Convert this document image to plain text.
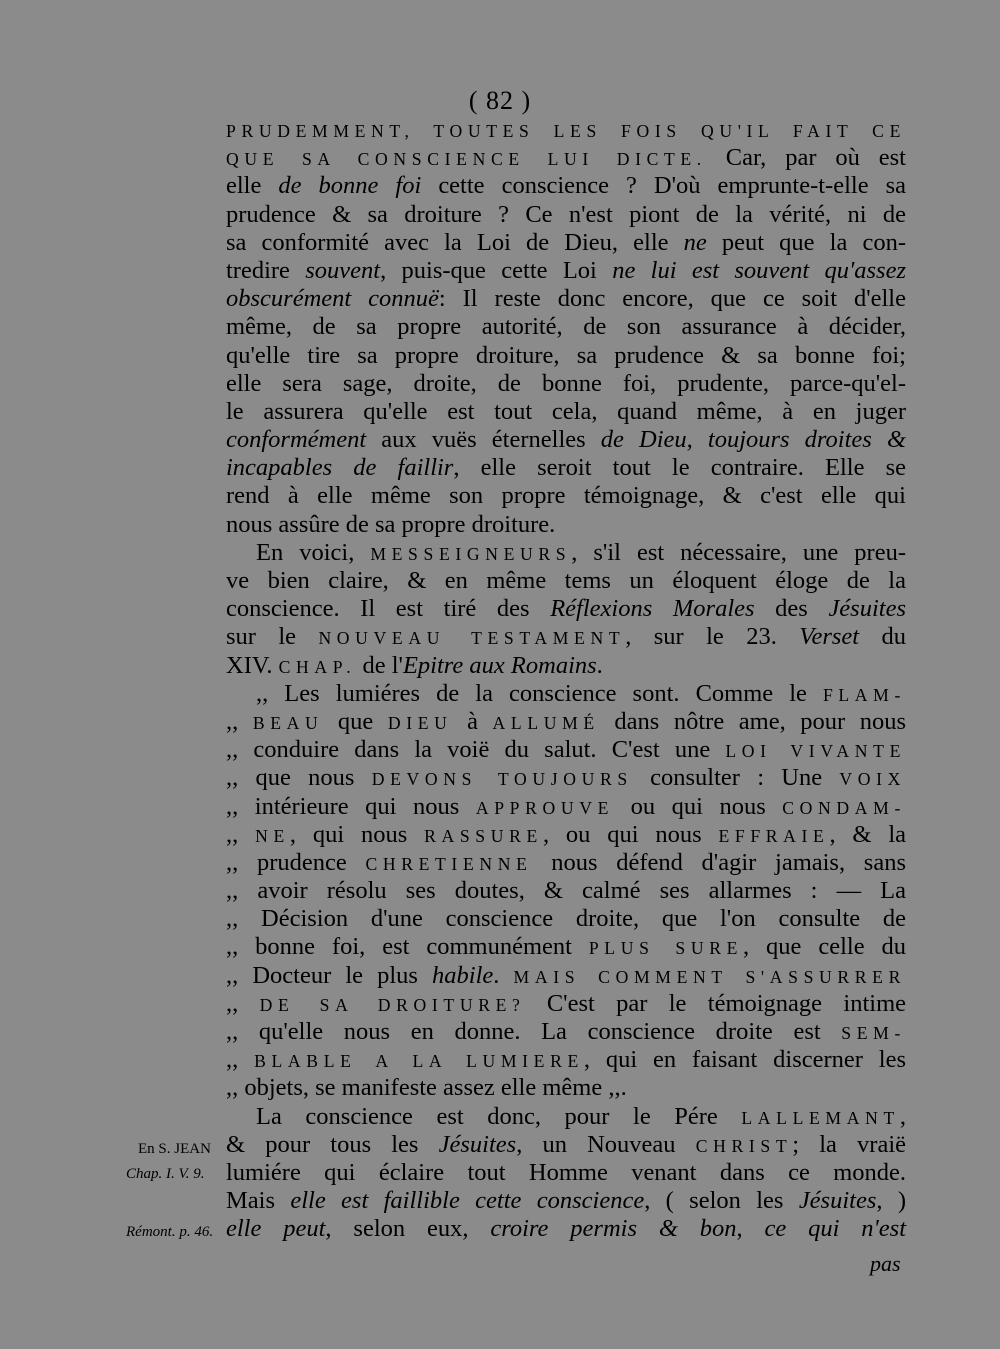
( 82 )
PRUDEMMENT, TOUTES LES FOIS QU'IL FAIT CE
QUE SA CONSCIENCE LUI DICTE. Car, par où est
elle de bonne foi cette conscience ? D'où emprunte-t-elle sa
prudence & sa droiture ? Ce n'est piont de la vérité, ni de
sa conformité avec la Loi de Dieu, elle ne peut que la con-
tredire souvent, puis-que cette Loi ne lui est souvent qu'assez
obscurément connuë: Il reste donc encore, que ce soit d'elle
même, de sa propre autorité, de son assurance à décider,
qu'elle tire sa propre droiture, sa prudence & sa bonne foi;
elle sera sage, droite, de bonne foi, prudente, parce-qu'el-
le assurera qu'elle est tout cela, quand même, à en juger
conformément aux vuës éternelles de Dieu, toujours droites &
incapables de faillir, elle seroit tout le contraire. Elle se
rend à elle même son propre témoignage, & c'est elle qui
nous assûre de sa propre droiture.
En voici, MESSEIGNEURS, s'il est nécessaire, une preu-
ve bien claire, & en même tems un éloquent éloge de la
conscience. Il est tiré des Réflexions Morales des Jésuites
sur le NOUVEAU TESTAMENT, sur le 23. Verset du
XIV. CHAP. de l'Epitre aux Romains.
,, Les lumiéres de la conscience sont. Comme le FLAM-
,, BEAU que DIEU à ALLUMÉ dans nôtre ame, pour nous
,, conduire dans la voië du salut. C'est une LOI VIVANTE
,, que nous DEVONS TOUJOURS consulter : Une VOIX
,, intérieure qui nous APPROUVE ou qui nous CONDAM-
,, NE, qui nous RASSURE, ou qui nous EFFRAIE, & la
,, prudence CHRETIENNE nous défend d'agir jamais, sans
,, avoir résolu ses doutes, & calmé ses allarmes : — La
,, Décision d'une conscience droite, que l'on consulte de
,, bonne foi, est communément PLUS SURE, que celle du
,, Docteur le plus habile. MAIS COMMENT S'ASSURRER
,, DE SA DROITURE? C'est par le témoignage intime
,, qu'elle nous en donne. La conscience droite est SEM-
,, BLABLE A LA LUMIERE, qui en faisant discerner les
,, objets, se manifeste assez elle même ,,.
La conscience est donc, pour le Pére LALLEMANT,
& pour tous les Jésuites, un Nouveau CHRIST; la vraië
lumiére qui éclaire tout Homme venant dans ce monde.
Mais elle est faillible cette conscience, ( selon les Jésuites, )
elle peut, selon eux, croire permis & bon, ce qui n'est
En S. JEAN
Chap. I. V. 9.
Rémont. p. 46.
pas
